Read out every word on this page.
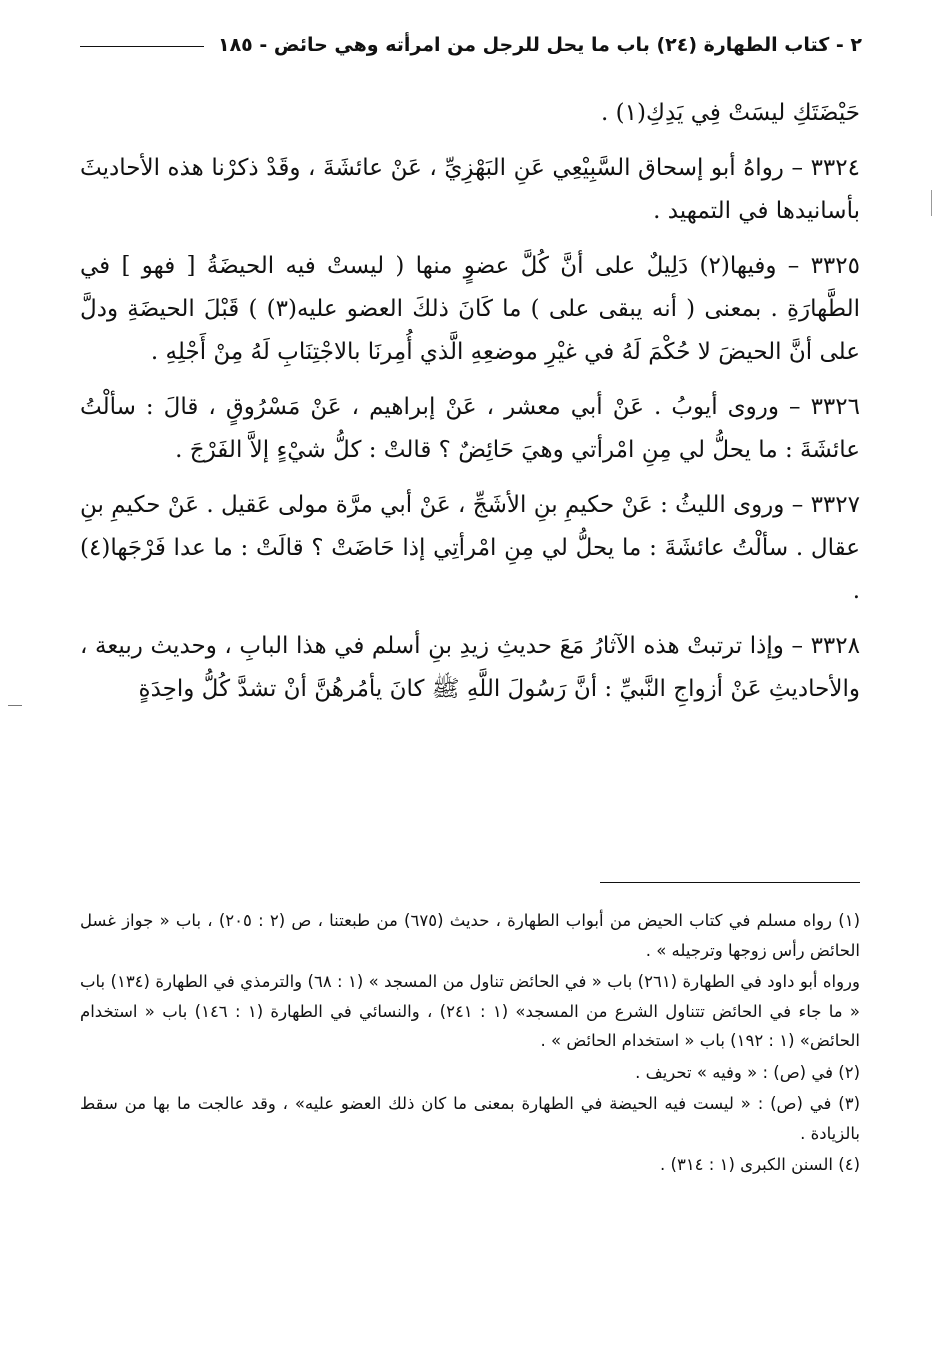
٢ - كتاب الطهارة (٢٤) باب ما يحل للرجل من امرأته وهي حائض - ١٨٥

حَيْضَتَكِ ليسَتْ فِي يَدِكِ(١) .

٣٣٢٤ – رواهُ أبو إسحاق السَّبِيْعِي عَنِ البَهْزِيِّ ، عَنْ عائشَةَ ، وقَدْ ذكرْنا هذه الأحاديثَ بأسانيدها في التمهيد .

٣٣٢٥ – وفيها(٢) دَلِيلٌ على أنَّ كُلَّ عضوٍ منها ( ليستْ فيه الحيضَةُ [ فهو ] في الطَّهارَةِ . بمعنى ( أنه يبقى على ) ما كَانَ ذلكَ العضو عليه(٣) ) قَبْلَ الحيضَةِ ودلَّ على أنَّ الحيضَ لا حُكْمَ لَهُ في غيْرِ موضعِهِ الَّذي أُمِرنَا بالاجْتِنَابِ لَهُ مِنْ أَجْلِهِ .

٣٣٢٦ – وروى أيوبُ . عَنْ أبي معشر ، عَنْ إبراهيم ، عَنْ مَسْرُوقٍ ، قالَ : سألْتُ عائشَةَ : ما يحلُّ لي مِنِ امْرأتي وهيَ حَائِضٌ ؟ قالتْ : كلُّ شيْءٍ إلاَّ الفَرْجَ .

٣٣٢٧ – وروى الليثُ : عَنْ حكيمِ بنِ الأشَجِّ ، عَنْ أبي مرَّة مولى عَقيل . عَنْ حكيمِ بنِ عقال . سألْتُ عائشَةَ : ما يحلُّ لي مِنِ امْرأتِي إذا حَاضَتْ ؟ قالَتْ : ما عدا فَرْجَها(٤) .

٣٣٢٨ – وإذا ترتبتْ هذه الآثارُ مَعَ حديثِ زيدِ بنِ أسلم في هذا البابِ ، وحديث ربيعة ، والأحاديثِ عَنْ أزواجِ النَّبيِّ : أنَّ رَسُولَ اللَّهِ ﷺ كانَ يأمُرهُنَّ أنْ تشدَّ كُلُّ واحِدَةٍ

(١) رواه مسلم في كتاب الحيض من أبواب الطهارة ، حديث (٦٧٥) من طبعتنا ، ص (٢ : ٢٠٥) ، باب « جواز غسل الحائض رأس زوجها وترجيله » .

ورواه أبو داود في الطهارة (٢٦١) باب « في الحائض تناول من المسجد » (١ : ٦٨) والترمذي في الطهارة (١٣٤) باب « ما جاء في الحائض تتناول الشرع من المسجد» (١ : ٢٤١) ، والنسائي في الطهارة (١ : ١٤٦) باب « استخدام الحائض» (١ : ١٩٢) باب « استخدام الحائض » .

(٢) في (ص) : « وفيه » تحريف .

(٣) في (ص) : « ليست فيه الحيضة في الطهارة بمعنى ما كان ذلك العضو عليه» ، وقد عالجت ما بها من سقط بالزيادة .

(٤) السنن الكبرى (١ : ٣١٤) .
